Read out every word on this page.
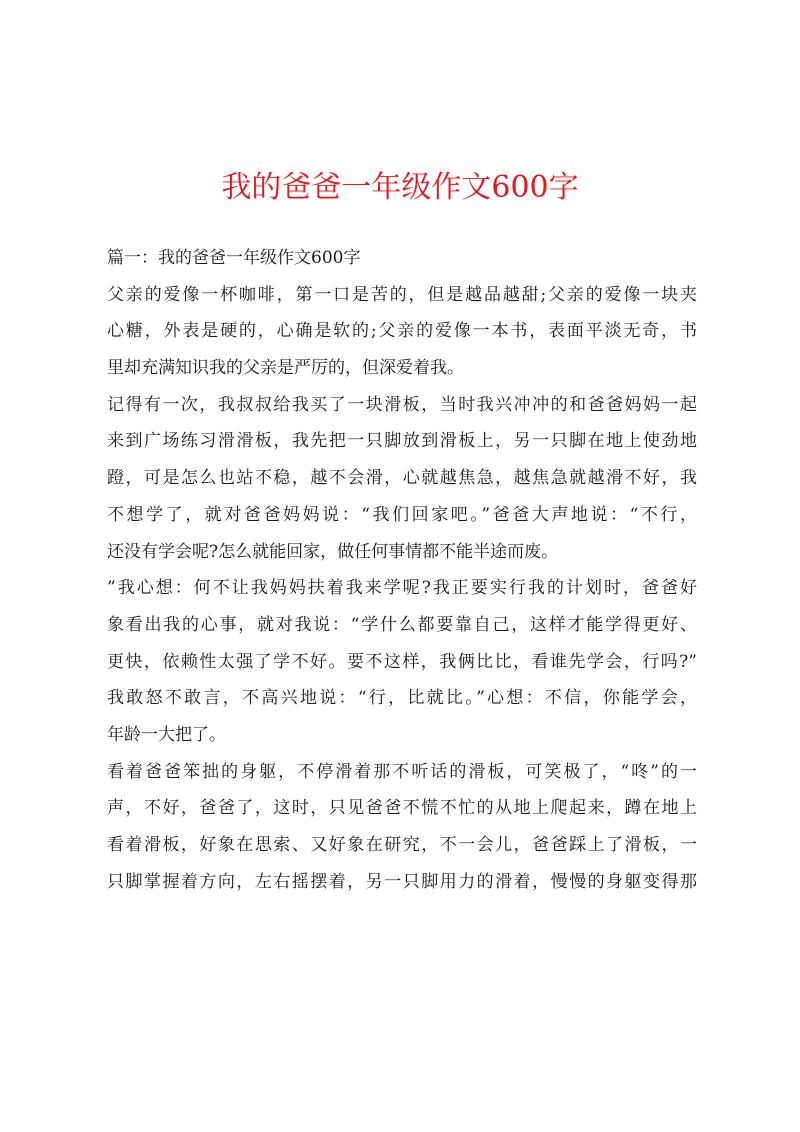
我的爸爸一年级作文600字
篇一：我的爸爸一年级作文600字
父亲的爱像一杯咖啡，第一口是苦的，但是越品越甜;父亲的爱像一块夹
心糖，外表是硬的，心确是软的;父亲的爱像一本书，表面平淡无奇，书
里却充满知识我的父亲是严厉的，但深爱着我。
记得有一次，我叔叔给我买了一块滑板，当时我兴冲冲的和爸爸妈妈一起
来到广场练习滑滑板，我先把一只脚放到滑板上，另一只脚在地上使劲地
蹬，可是怎么也站不稳，越不会滑，心就越焦急，越焦急就越滑不好，我
不想学了，就对爸爸妈妈说：“我们回家吧。”爸爸大声地说：“不行，
还没有学会呢?怎么就能回家，做任何事情都不能半途而废。
”我心想：何不让我妈妈扶着我来学呢?我正要实行我的计划时，爸爸好
象看出我的心事，就对我说：“学什么都要靠自己，这样才能学得更好、
更快，依赖性太强了学不好。要不这样，我俩比比，看谁先学会，行吗?”
我敢怒不敢言，不高兴地说：“行，比就比。”心想：不信，你能学会，
年龄一大把了。
看着爸爸笨拙的身躯，不停滑着那不听话的滑板，可笑极了，“咚”的一
声，不好，爸爸了，这时，只见爸爸不慌不忙的从地上爬起来，蹲在地上
看着滑板，好象在思索、又好象在研究，不一会儿，爸爸踩上了滑板，一
只脚掌握着方向，左右摇摆着，另一只脚用力的滑着，慢慢的身躯变得那
